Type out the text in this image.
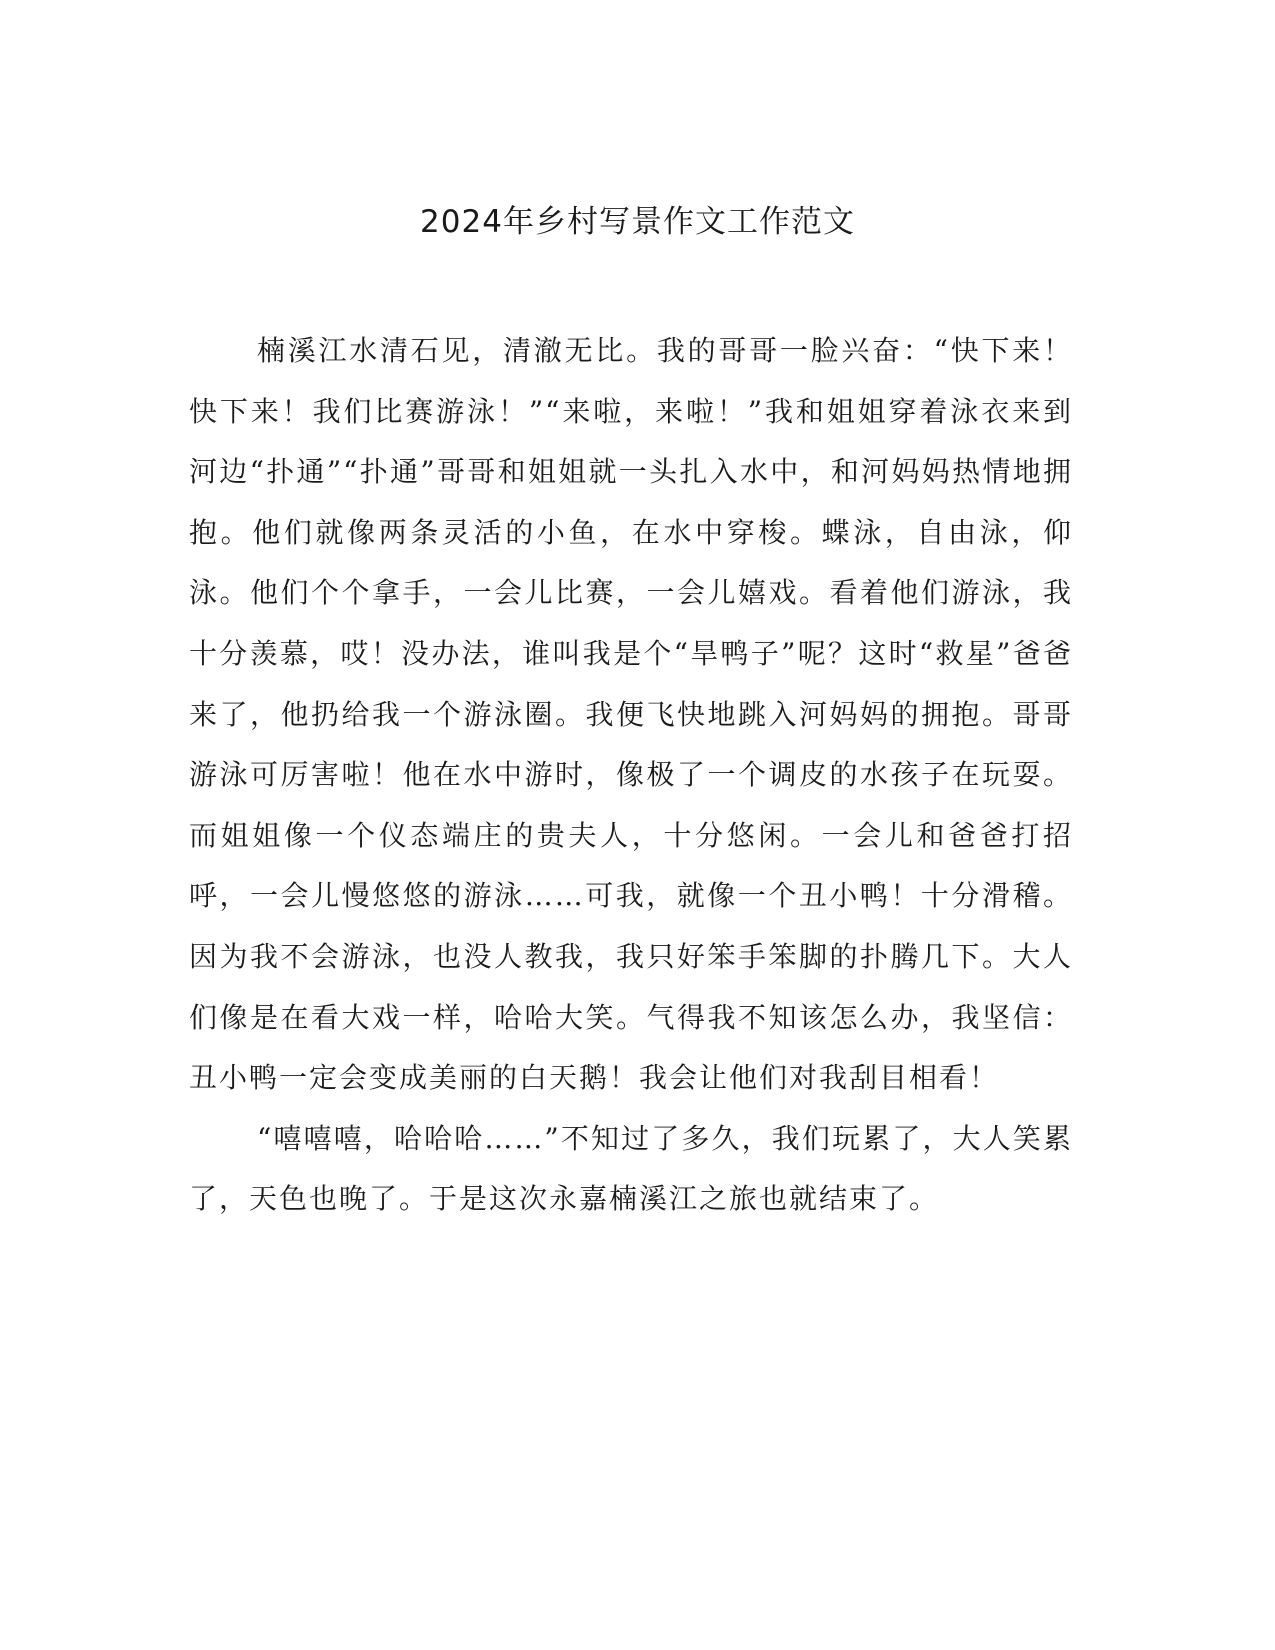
2024年乡村写景作文工作范文

楠溪江水清石见，清澈无比。我的哥哥一脸兴奋：“快下来！快下来！我们比赛游泳！”“来啦，来啦！”我和姐姐穿着泳衣来到河边“扑通”“扑通”哥哥和姐姐就一头扎入水中，和河妈妈热情地拥抱。他们就像两条灵活的小鱼，在水中穿梭。蝶泳，自由泳，仰泳。他们个个拿手，一会儿比赛，一会儿嬉戏。看着他们游泳，我十分羡慕，哎！没办法，谁叫我是个“旱鸭子”呢？这时“救星”爸爸来了，他扔给我一个游泳圈。我便飞快地跳入河妈妈的拥抱。哥哥游泳可厉害啦！他在水中游时，像极了一个调皮的水孩子在玩耍。而姐姐像一个仪态端庄的贵夫人，十分悠闲。一会儿和爸爸打招呼，一会儿慢悠悠的游泳……可我，就像一个丑小鸭！十分滑稽。因为我不会游泳，也没人教我，我只好笨手笨脚的扑腾几下。大人们像是在看大戏一样，哈哈大笑。气得我不知该怎么办，我坚信：丑小鸭一定会变成美丽的白天鹅！我会让他们对我刮目相看！

“嘻嘻嘻，哈哈哈……”不知过了多久，我们玩累了，大人笑累了，天色也晚了。于是这次永嘉楠溪江之旅也就结束了。
